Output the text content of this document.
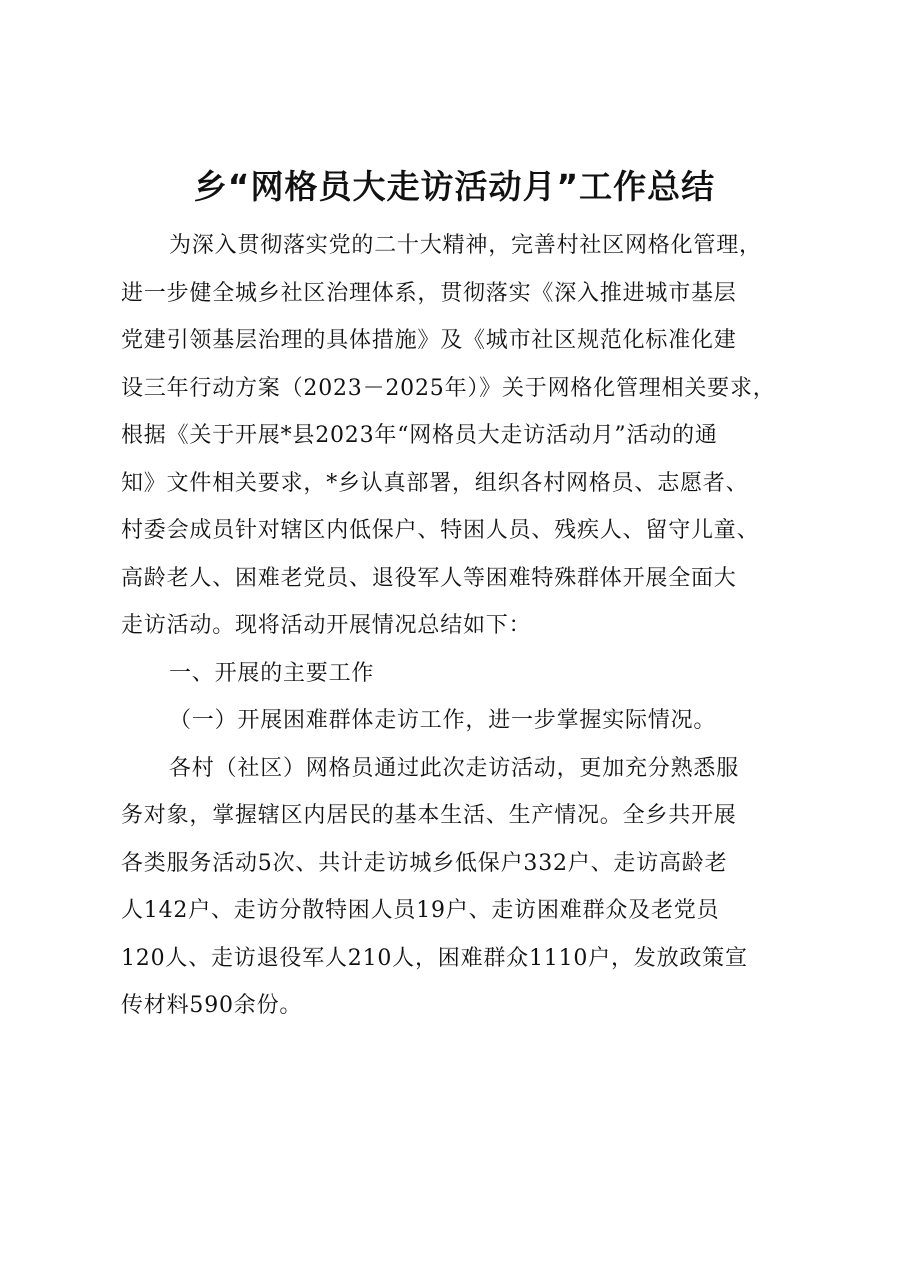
乡“网格员大走访活动月”工作总结
为深入贯彻落实党的二十大精神，完善村社区网格化管理，
进一步健全城乡社区治理体系，贯彻落实《深入推进城市基层
党建引领基层治理的具体措施》及《城市社区规范化标准化建
设三年行动方案（2023－2025年）》关于网格化管理相关要求，
根据《关于开展*县2023年“网格员大走访活动月”活动的通
知》文件相关要求，*乡认真部署，组织各村网格员、志愿者、
村委会成员针对辖区内低保户、特困人员、残疾人、留守儿童、
高龄老人、困难老党员、退役军人等困难特殊群体开展全面大
走访活动。现将活动开展情况总结如下：
一、开展的主要工作
（一）开展困难群体走访工作，进一步掌握实际情况。
各村（社区）网格员通过此次走访活动，更加充分熟悉服
务对象，掌握辖区内居民的基本生活、生产情况。全乡共开展
各类服务活动5次、共计走访城乡低保户332户、走访高龄老
人142户、走访分散特困人员19户、走访困难群众及老党员
120人、走访退役军人210人，困难群众1110户，发放政策宣
传材料590余份。
